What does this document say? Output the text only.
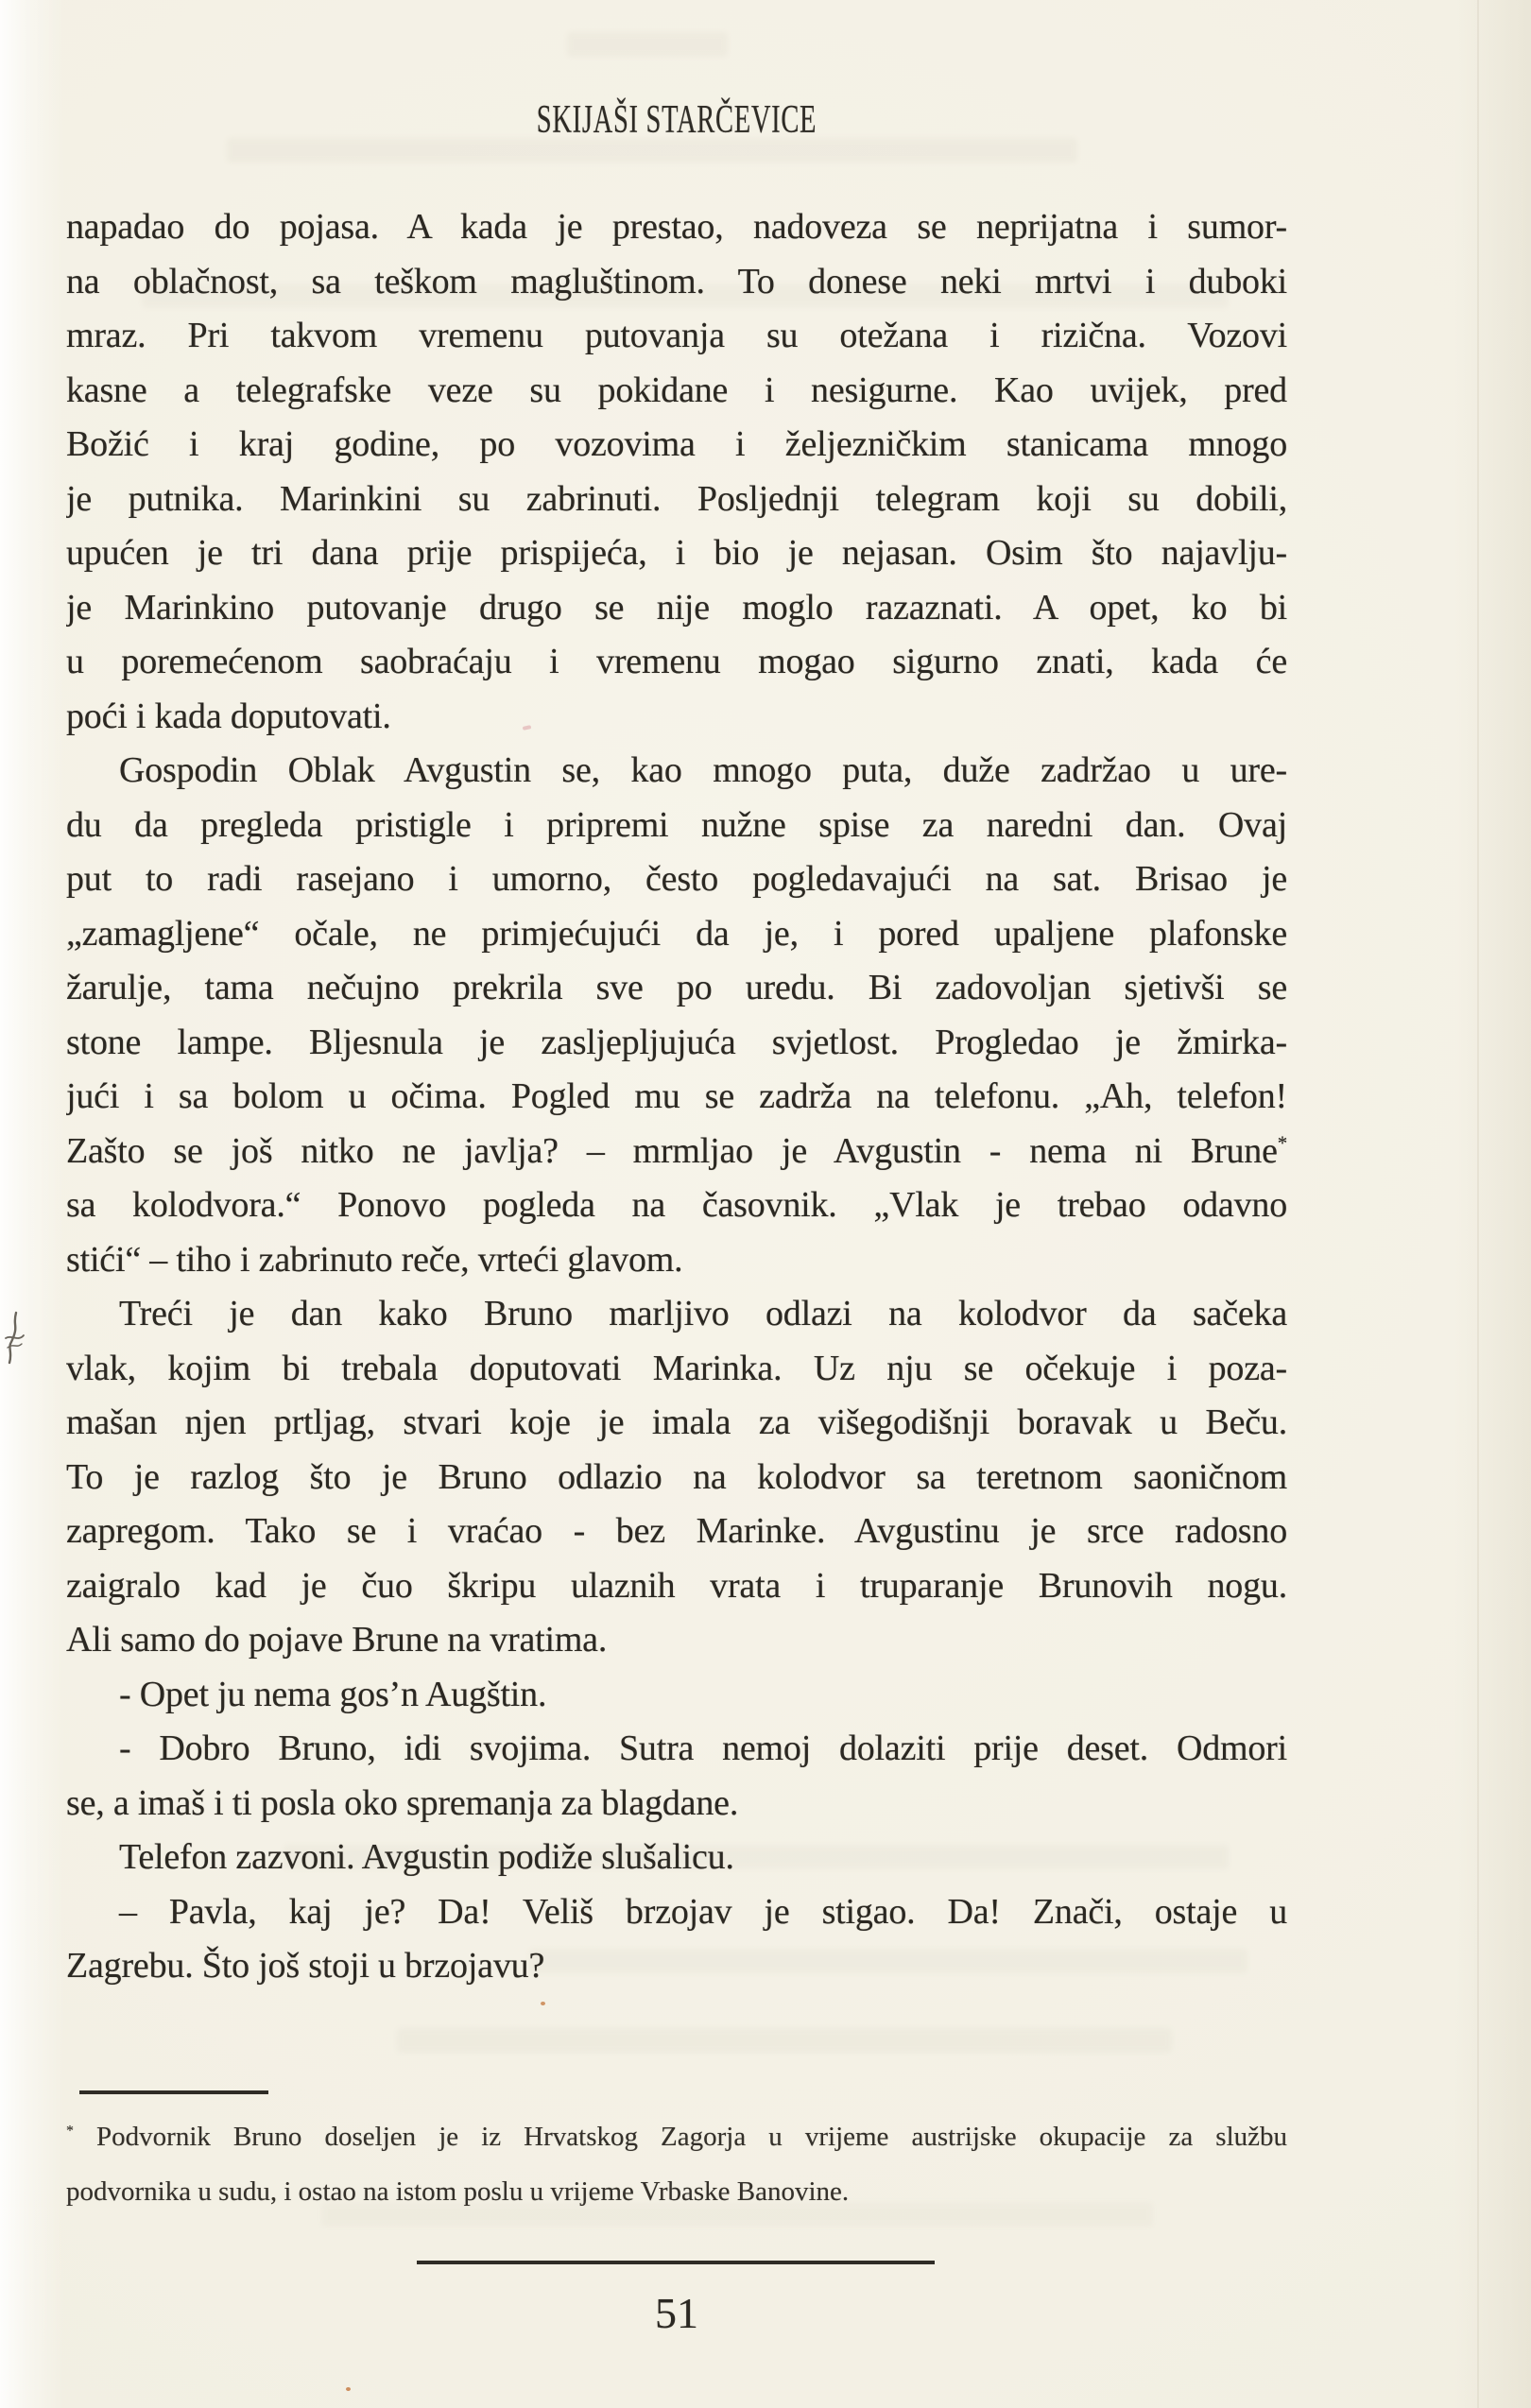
SKIJAŠI STARČEVICE
napadao do pojasa. A kada je prestao, nadoveza se neprijatna i sumor-
na oblačnost, sa teškom magluštinom. To donese neki mrtvi i duboki
mraz. Pri takvom vremenu putovanja su otežana i rizična. Vozovi
kasne a telegrafske veze su pokidane i nesigurne. Kao uvijek, pred
Božić i kraj godine, po vozovima i željezničkim stanicama mnogo
je putnika. Marinkini su zabrinuti. Posljednji telegram koji su dobili,
upućen je tri dana prije prispijeća, i bio je nejasan. Osim što najavlju-
je Marinkino putovanje drugo se nije moglo razaznati. A opet, ko bi
u poremećenom saobraćaju i vremenu mogao sigurno znati, kada će
poći i kada doputovati.
Gospodin Oblak Avgustin se, kao mnogo puta, duže zadržao u ure-
du da pregleda pristigle i pripremi nužne spise za naredni dan. Ovaj
put to radi rasejano i umorno, često pogledavajući na sat. Brisao je
„zamagljene“ očale, ne primjećujući da je, i pored upaljene plafonske
žarulje, tama nečujno prekrila sve po uredu. Bi zadovoljan sjetivši se
stone lampe. Bljesnula je zasljepljujuća svjetlost. Progledao je žmirka-
jući i sa bolom u očima. Pogled mu se zadrža na telefonu. „Ah, telefon!
Zašto se još nitko ne javlja? – mrmljao je Avgustin - nema ni Brune*
sa kolodvora.“ Ponovo pogleda na časovnik. „Vlak je trebao odavno
stići“ – tiho i zabrinuto reče, vrteći glavom.
Treći je dan kako Bruno marljivo odlazi na kolodvor da sačeka
vlak, kojim bi trebala doputovati Marinka. Uz nju se očekuje i poza-
mašan njen prtljag, stvari koje je imala za višegodišnji boravak u Beču.
To je razlog što je Bruno odlazio na kolodvor sa teretnom saoničnom
zapregom. Tako se i vraćao - bez Marinke. Avgustinu je srce radosno
zaigralo kad je čuo škripu ulaznih vrata i truparanje Brunovih nogu.
Ali samo do pojave Brune na vratima.
- Opet ju nema gos’n Augštin.
- Dobro Bruno, idi svojima. Sutra nemoj dolaziti prije deset. Odmori
se, a imaš i ti posla oko spremanja za blagdane.
Telefon zazvoni. Avgustin podiže slušalicu.
– Pavla, kaj je? Da! Veliš brzojav je stigao. Da! Znači, ostaje u
Zagrebu. Što još stoji u brzojavu?
* Podvornik Bruno doseljen je iz Hrvatskog Zagorja u vrijeme austrijske okupacije za službu
podvornika u sudu, i ostao na istom poslu u vrijeme Vrbaske Banovine.
51
